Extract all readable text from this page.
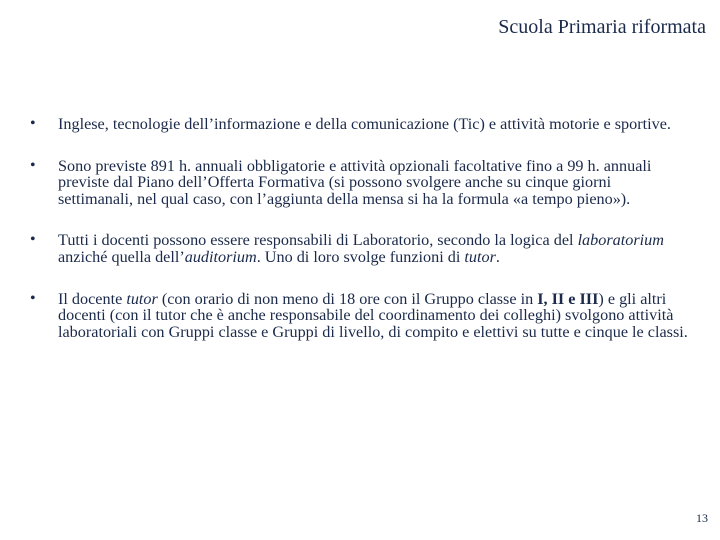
Scuola Primaria riformata
• Inglese, tecnologie dell’informazione e della comunicazione (Tic) e attività motorie e sportive.
• Sono previste 891 h. annuali obbligatorie e attività opzionali facoltative fino a 99 h. annuali previste dal Piano dell’Offerta Formativa (si possono svolgere anche su cinque giorni settimanali, nel qual caso, con l’aggiunta della mensa si ha la formula «a tempo pieno»).
• Tutti i docenti possono essere responsabili di Laboratorio, secondo la logica del laboratorium anziché quella dell’auditorium. Uno di loro svolge funzioni di tutor.
• Il docente tutor (con orario di non meno di 18 ore con il Gruppo classe in I, II e III) e gli altri docenti (con il tutor che è anche responsabile del coordinamento dei colleghi) svolgono attività laboratoriali con Gruppi classe e Gruppi di livello, di compito e elettivi su tutte e cinque le classi.
13
